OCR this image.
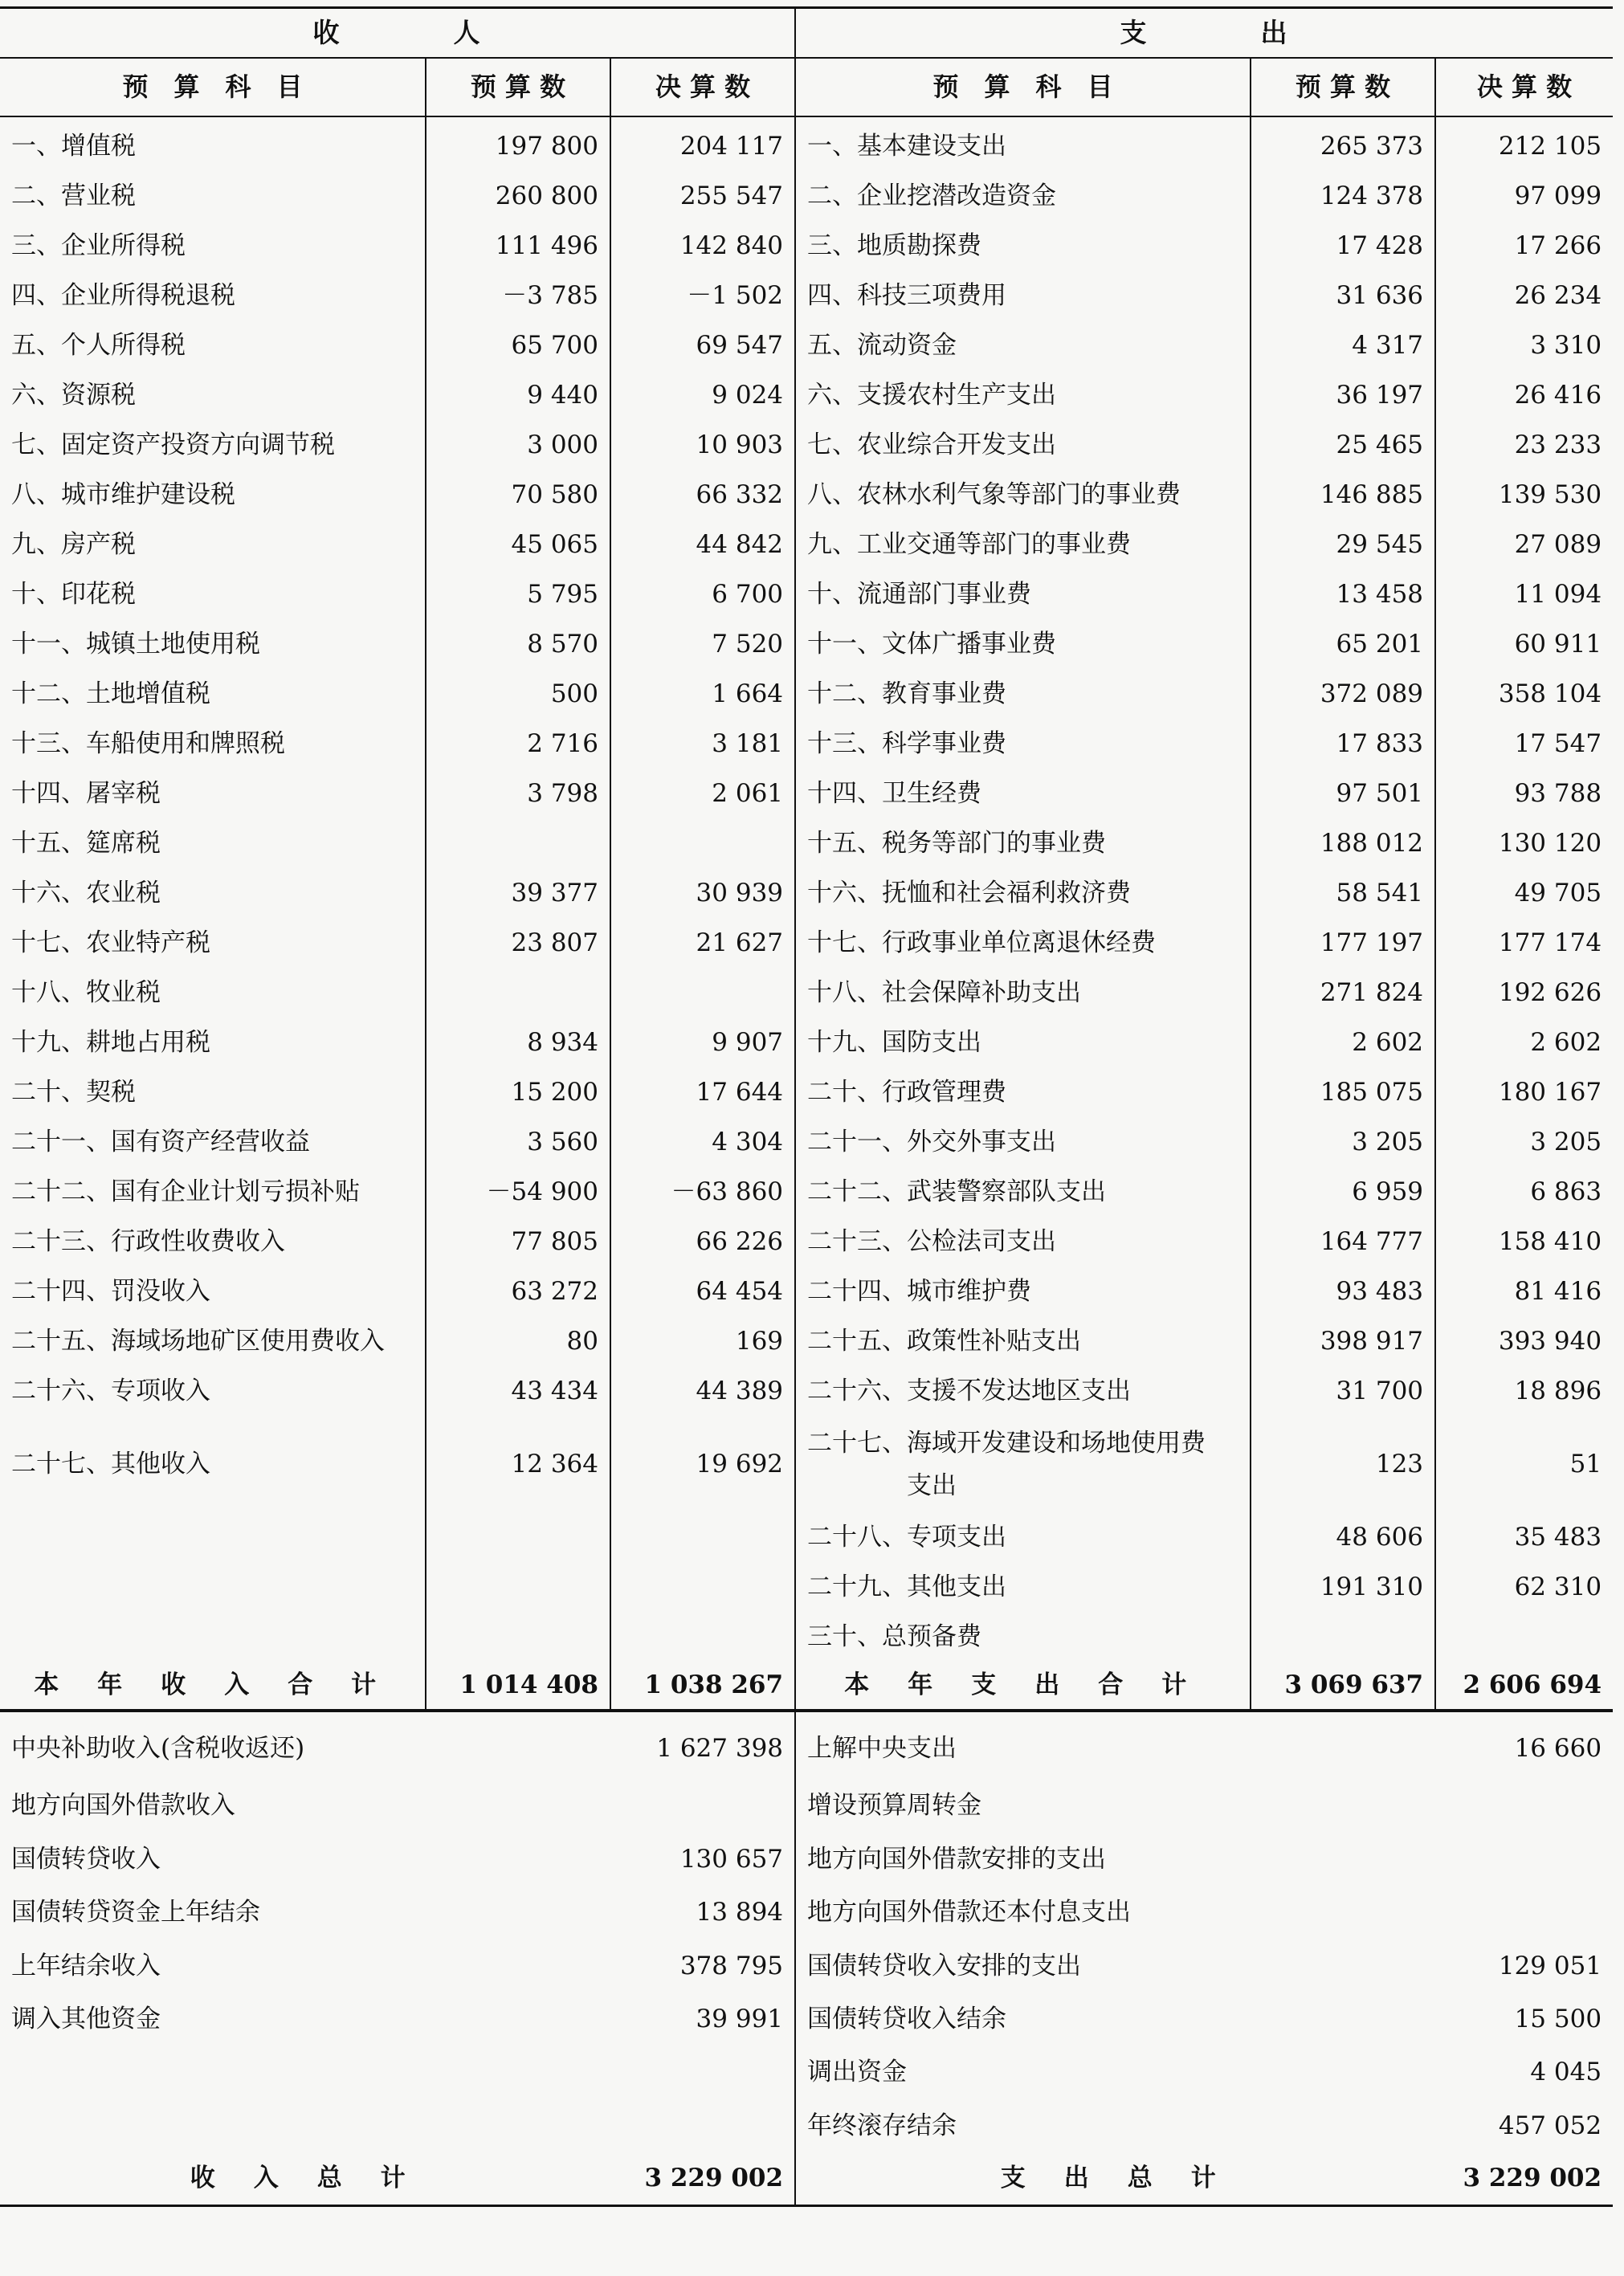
收　　　　人			支　　　　出		
预　算　科　目	预 算 数	决 算 数	预　算　科　目	预 算 数	决 算 数
一、增值税	197 800	204 117	一、基本建设支出	265 373	212 105
二、营业税	260 800	255 547	二、企业挖潜改造资金	124 378	97 099
三、企业所得税	111 496	142 840	三、地质勘探费	17 428	17 266
四、企业所得税退税	－3 785	－1 502	四、科技三项费用	31 636	26 234
五、个人所得税	65 700	69 547	五、流动资金	4 317	3 310
六、资源税	9 440	9 024	六、支援农村生产支出	36 197	26 416
七、固定资产投资方向调节税	3 000	10 903	七、农业综合开发支出	25 465	23 233
八、城市维护建设税	70 580	66 332	八、农林水利气象等部门的事业费	146 885	139 530
九、房产税	45 065	44 842	九、工业交通等部门的事业费	29 545	27 089
十、印花税	5 795	6 700	十、流通部门事业费	13 458	11 094
十一、城镇土地使用税	8 570	7 520	十一、文体广播事业费	65 201	60 911
十二、土地增值税	500	1 664	十二、教育事业费	372 089	358 104
十三、车船使用和牌照税	2 716	3 181	十三、科学事业费	17 833	17 547
十四、屠宰税	3 798	2 061	十四、卫生经费	97 501	93 788
十五、筵席税			十五、税务等部门的事业费	188 012	130 120
十六、农业税	39 377	30 939	十六、抚恤和社会福利救济费	58 541	49 705
十七、农业特产税	23 807	21 627	十七、行政事业单位离退休经费	177 197	177 174
十八、牧业税			十八、社会保障补助支出	271 824	192 626
十九、耕地占用税	8 934	9 907	十九、国防支出	2 602	2 602
二十、契税	15 200	17 644	二十、行政管理费	185 075	180 167
二十一、国有资产经营收益	3 560	4 304	二十一、外交外事支出	3 205	3 205
二十二、国有企业计划亏损补贴	－54 900	－63 860	二十二、武装警察部队支出	6 959	6 863
二十三、行政性收费收入	77 805	66 226	二十三、公检法司支出	164 777	158 410
二十四、罚没收入	63 272	64 454	二十四、城市维护费	93 483	81 416
二十五、海域场地矿区使用费收入	80	169	二十五、政策性补贴支出	398 917	393 940
二十六、专项收入	43 434	44 389	二十六、支援不发达地区支出	31 700	18 896
二十七、其他收入	12 364	19 692	二十七、海域开发建设和场地使用费
支出	123	51
			二十八、专项支出	48 606	35 483
			二十九、其他支出	191 310	62 310
			三十、总预备费		
本 年 收 入 合 计	1 014 408	1 038 267	本 年 支 出 合 计	3 069 637	2 606 694
中央补助收入(含税收返还)		1 627 398	上解中央支出		16 660
地方向国外借款收入			增设预算周转金		
国债转贷收入		130 657	地方向国外借款安排的支出		
国债转贷资金上年结余		13 894	地方向国外借款还本付息支出		
上年结余收入		378 795	国债转贷收入安排的支出		129 051
调入其他资金		39 991	国债转贷收入结余		15 500
			调出资金		4 045
			年终滚存结余		457 052
收 入 总 计		3 229 002	支 出 总 计		3 229 002
